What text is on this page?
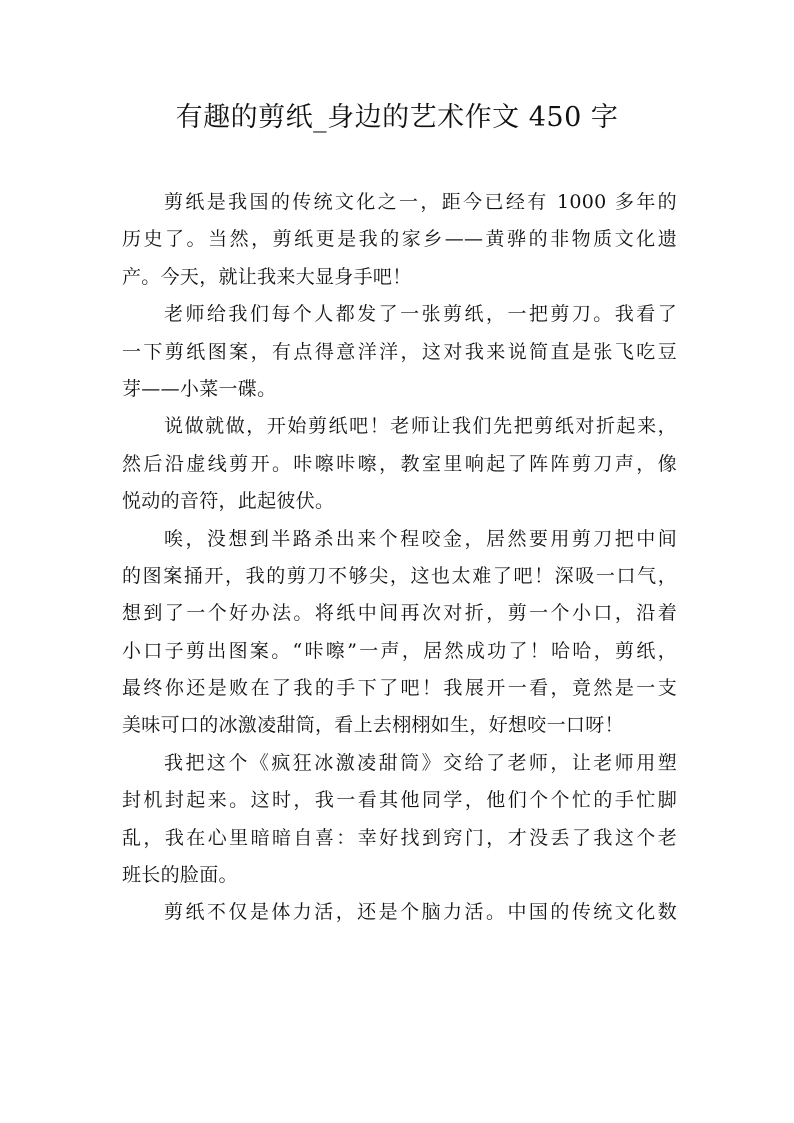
有趣的剪纸_身边的艺术作文 450 字
剪纸是我国的传统文化之一，距今已经有 1000 多年的
历史了。当然，剪纸更是我的家乡——黄骅的非物质文化遗
产。今天，就让我来大显身手吧！
老师给我们每个人都发了一张剪纸，一把剪刀。我看了
一下剪纸图案，有点得意洋洋，这对我来说简直是张飞吃豆
芽——小菜一碟。
说做就做，开始剪纸吧！老师让我们先把剪纸对折起来，
然后沿虚线剪开。咔嚓咔嚓，教室里响起了阵阵剪刀声，像
悦动的音符，此起彼伏。
唉，没想到半路杀出来个程咬金，居然要用剪刀把中间
的图案捅开，我的剪刀不够尖，这也太难了吧！深吸一口气，
想到了一个好办法。将纸中间再次对折，剪一个小口，沿着
小口子剪出图案。“咔嚓”一声，居然成功了！哈哈，剪纸，
最终你还是败在了我的手下了吧！我展开一看，竟然是一支
美味可口的冰激凌甜筒，看上去栩栩如生，好想咬一口呀！
我把这个《疯狂冰激凌甜筒》交给了老师，让老师用塑
封机封起来。这时，我一看其他同学，他们个个忙的手忙脚
乱，我在心里暗暗自喜：幸好找到窍门，才没丢了我这个老
班长的脸面。
剪纸不仅是体力活，还是个脑力活。中国的传统文化数
